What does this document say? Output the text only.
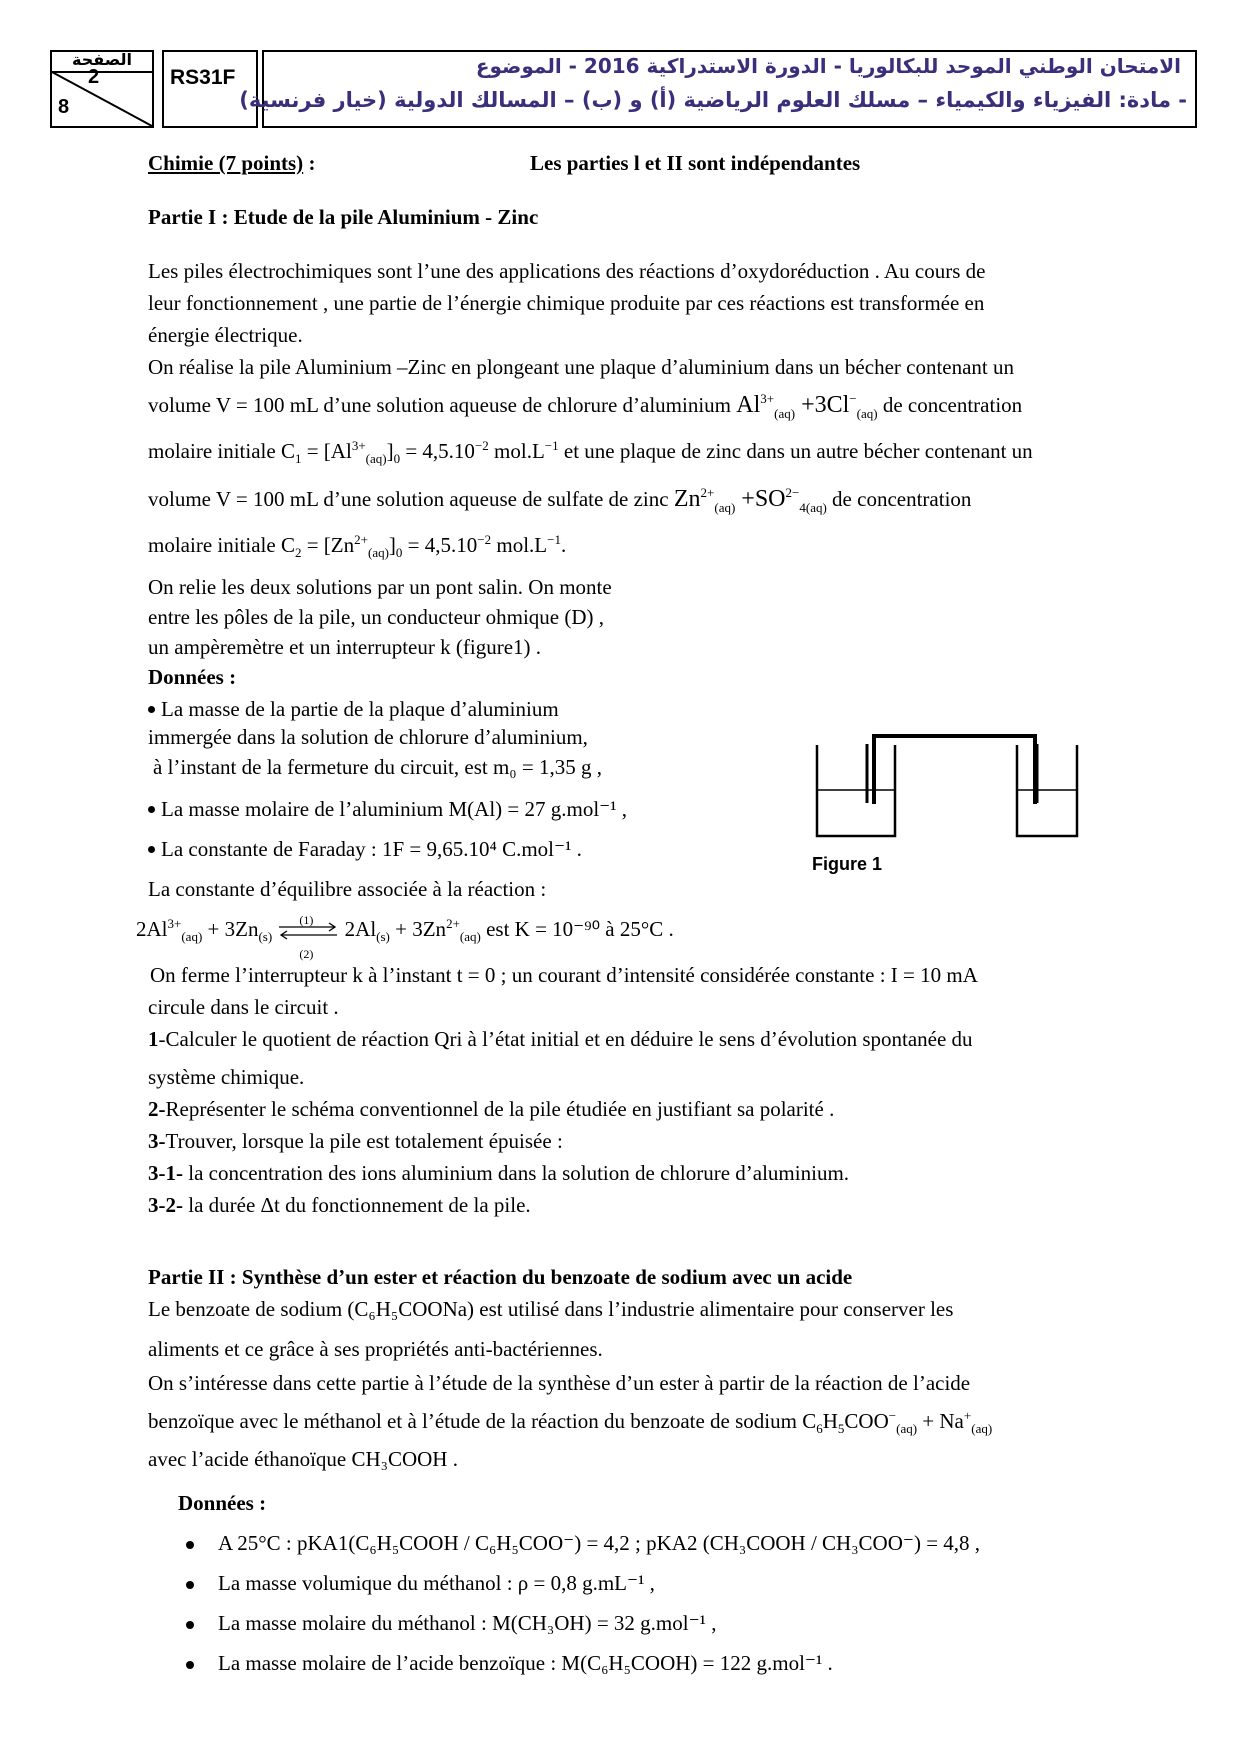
الصفحة
2
8
RS31F	الامتحان الوطني الموحد للبكالوريا - الدورة الاستدراكية 2016 - الموضوع
- مادة: الفيزياء والكيمياء – مسلك العلوم الرياضية (أ) و (ب) – المسالك الدولية (خيار فرنسية)
Chimie (7 points) :	Les parties l et II sont indépendantes
Partie I : Etude de la pile Aluminium - Zinc
Les piles électrochimiques sont l’une des applications des réactions d’oxydoréduction . Au cours de
leur fonctionnement , une partie de l’énergie chimique produite par ces réactions est transformée en
énergie électrique.
On réalise la pile Aluminium –Zinc en plongeant une plaque d’aluminium dans un bécher contenant un
volume V = 100 mL d’une solution aqueuse de chlorure d’aluminium $Al^{3+}_{(aq)} +3Cl^-_{(aq)}$ de concentration
molaire initiale $C_1 = [Al^{3+}_{(aq)}]_0 = 4,5.10^{-2}$ $mol.L^{-1}$ et une plaque de zinc dans un autre bécher contenant un
volume V = 100 mL d’une solution aqueuse de sulfate de zinc $Zn^{2+}_{(aq)} +SO^{2-}_{4(aq)}$ de concentration
molaire initiale $C_2 = [Zn^{2+}_{(aq)}]_0 = 4,5.10^{-2}$ $mol.L^{-1}$.
On relie les deux solutions par un pont salin. On monte
entre les pôles de la pile, un conducteur ohmique (D) ,
un ampèremètre et un interrupteur k (figure1) .
Données :
La masse de la partie de la plaque d’aluminium
immergée dans la solution de chlorure d’aluminium,
à l’instant de la fermeture du circuit, est m₀ = 1,35 g ,
La masse molaire de l’aluminium M(Al) = 27 g.mol⁻¹ ,
La constante de Faraday : 1F = 9,65.10⁴ C.mol⁻¹ .
La constante d’équilibre associée à la réaction :
$2Al^{3+}_{(aq)} + 3Zn_{(s)}$
(1)
(2)
$2Al_{(s)} + 3Zn^{2+}_{(aq)}$ est K = 10⁻⁹⁰ à 25°C .
On ferme l’interrupteur k à l’instant t = 0 ; un courant d’intensité considérée constante : I = 10 mA
circule dans le circuit .
Figure 1
1-Calculer le quotient de réaction Qri à l’état initial et en déduire le sens d’évolution spontanée du
système chimique.
2-Représenter le schéma conventionnel de la pile étudiée en justifiant sa polarité .
3-Trouver, lorsque la pile est totalement épuisée :
3-1- la concentration des ions aluminium dans la solution de chlorure d’aluminium.
3-2- la durée Δt du fonctionnement de la pile.
Partie II : Synthèse d’un ester et réaction du benzoate de sodium avec un acide
Le benzoate de sodium (C₆H₅COONa) est utilisé dans l’industrie alimentaire pour conserver les
aliments et ce grâce à ses propriétés anti-bactériennes.
On s’intéresse dans cette partie à l’étude de la synthèse d’un ester à partir de la réaction de l’acide
benzoïque avec le méthanol et à l’étude de la réaction du benzoate de sodium $C_6H_5COO^-_{(aq)} + Na^+_{(aq)}$
avec l’acide éthanoïque CH₃COOH .
Données :
A 25°C : pKA1(C₆H₅COOH / C₆H₅COO⁻) = 4,2 ; pKA2 (CH₃COOH / CH₃COO⁻) = 4,8 ,
La masse volumique du méthanol : ρ = 0,8 g.mL⁻¹ ,
La masse molaire du méthanol : M(CH₃OH) = 32 g.mol⁻¹ ,
La masse molaire de l’acide benzoïque : M(C₆H₅COOH) = 122 g.mol⁻¹ .
